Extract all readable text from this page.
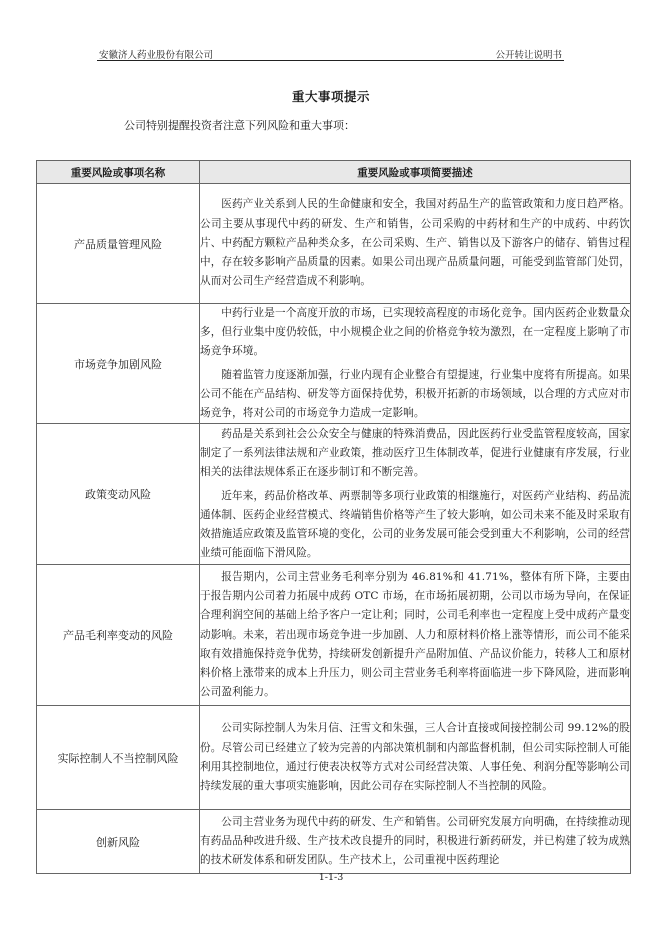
安徽济人药业股份有限公司	公开转让说明书
重大事项提示
公司特别提醒投资者注意下列风险和重大事项：
重要风险或事项名称	重要风险或事项简要描述
产品质量管理风险	医药产业关系到人民的生命健康和安全，我国对药品生产的监管政策和力度日趋严格。公司主要从事现代中药的研发、生产和销售，公司采购的中药材和生产的中成药、中药饮片、中药配方颗粒产品种类众多，在公司采购、生产、销售以及下游客户的储存、销售过程中，存在较多影响产品质量的因素。如果公司出现产品质量问题，可能受到监管部门处罚，从而对公司生产经营造成不利影响。

市场竞争加剧风险	中药行业是一个高度开放的市场，已实现较高程度的市场化竞争。国内医药企业数量众多，但行业集中度仍较低，中小规模企业之间的价格竞争较为激烈，在一定程度上影响了市场竞争环境。

随着监管力度逐渐加强，行业内现有企业整合有望提速，行业集中度将有所提高。如果公司不能在产品结构、研发等方面保持优势，积极开拓新的市场领域，以合理的方式应对市场竞争，将对公司的市场竞争力造成一定影响。

政策变动风险	药品是关系到社会公众安全与健康的特殊消费品，因此医药行业受监管程度较高，国家制定了一系列法律法规和产业政策，推动医疗卫生体制改革，促进行业健康有序发展，行业相关的法律法规体系正在逐步制订和不断完善。

近年来，药品价格改革、两票制等多项行业政策的相继施行，对医药产业结构、药品流通体制、医药企业经营模式、终端销售价格等产生了较大影响，如公司未来不能及时采取有效措施适应政策及监管环境的变化，公司的业务发展可能会受到重大不利影响，公司的经营业绩可能面临下滑风险。

产品毛利率变动的风险	报告期内，公司主营业务毛利率分别为 46.81%和 41.71%，整体有所下降，主要由于报告期内公司着力拓展中成药 OTC 市场，在市场拓展初期，公司以市场为导向，在保证合理利润空间的基础上给予客户一定让利；同时，公司毛利率也一定程度上受中成药产量变动影响。未来，若出现市场竞争进一步加剧、人力和原材料价格上涨等情形，而公司不能采取有效措施保持竞争优势，持续研发创新提升产品附加值、产品议价能力，转移人工和原材料价格上涨带来的成本上升压力，则公司主营业务毛利率将面临进一步下降风险，进而影响公司盈利能力。

实际控制人不当控制风险	公司实际控制人为朱月信、汪雪文和朱强，三人合计直接或间接控制公司 99.12%的股份。尽管公司已经建立了较为完善的内部决策机制和内部监督机制，但公司实际控制人可能利用其控制地位，通过行使表决权等方式对公司经营决策、人事任免、利润分配等影响公司持续发展的重大事项实施影响，因此公司存在实际控制人不当控制的风险。

创新风险	公司主营业务为现代中药的研发、生产和销售。公司研究发展方向明确，在持续推动现有药品品种改进升级、生产技术改良提升的同时，积极进行新药研发，并已构建了较为成熟的技术研发体系和研发团队。生产技术上，公司重视中医药理论

1-1-3
